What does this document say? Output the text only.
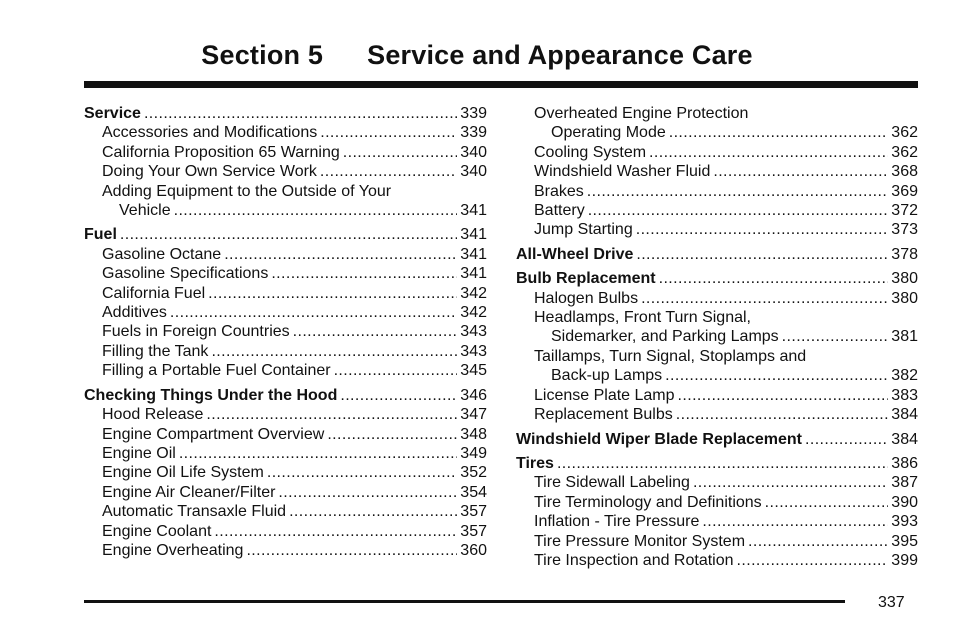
Section 5 Service and Appearance Care
Service .....	339
Accessories and Modifications .....	339
California Proposition 65 Warning .....	340
Doing Your Own Service Work .....	340
Adding Equipment to the Outside of Your
Vehicle .....	341
Fuel .....	341
Gasoline Octane .....	341
Gasoline Specifications .....	341
California Fuel .....	342
Additives .....	342
Fuels in Foreign Countries .....	343
Filling the Tank .....	343
Filling a Portable Fuel Container .....	345
Checking Things Under the Hood .....	346
Hood Release .....	347
Engine Compartment Overview .....	348
Engine Oil .....	349
Engine Oil Life System .....	352
Engine Air Cleaner/Filter .....	354
Automatic Transaxle Fluid .....	357
Engine Coolant .....	357
Engine Overheating .....	360
Overheated Engine Protection
Operating Mode .....	362
Cooling System .....	362
Windshield Washer Fluid .....	368
Brakes .....	369
Battery .....	372
Jump Starting .....	373
All-Wheel Drive .....	378
Bulb Replacement .....	380
Halogen Bulbs .....	380
Headlamps, Front Turn Signal,
Sidemarker, and Parking Lamps .....	381
Taillamps, Turn Signal, Stoplamps and
Back-up Lamps .....	382
License Plate Lamp .....	383
Replacement Bulbs .....	384
Windshield Wiper Blade Replacement .....	384
Tires .....	386
Tire Sidewall Labeling .....	387
Tire Terminology and Definitions .....	390
Inflation - Tire Pressure .....	393
Tire Pressure Monitor System .....	395
Tire Inspection and Rotation .....	399
337
